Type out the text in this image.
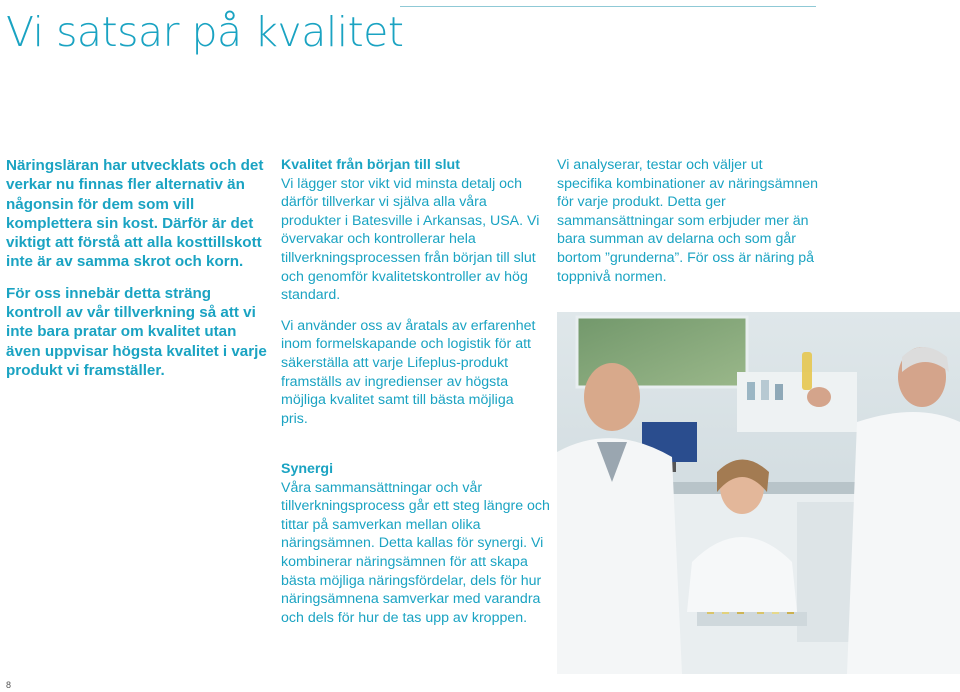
Vi satsar på kvalitet

Näringsläran har utvecklats och det verkar nu finnas fler alternativ än någonsin för dem som vill komplettera sin kost. Därför är det viktigt att förstå att alla kosttillskott inte är av samma skrot och korn.

För oss innebär detta sträng kontroll av vår tillverkning så att vi inte bara pratar om kvalitet utan även uppvisar högsta kvalitet i varje produkt vi framställer.

Kvalitet från början till slut
Vi lägger stor vikt vid minsta detalj och därför tillverkar vi själva alla våra produkter i Batesville i Arkansas, USA. Vi övervakar och kontrollerar hela tillverkningsprocessen från början till slut och genomför kvalitetskontroller av hög standard.

Vi använder oss av åratals av erfarenhet inom formelskapande och logistik för att säkerställa att varje Lifeplus-produkt framställs av ingredienser av högsta möjliga kvalitet samt till bästa möjliga pris.

Vi analyserar, testar och väljer ut specifika kombinationer av näringsämnen för varje produkt. Detta ger sammansättningar som erbjuder mer än bara summan av delarna och som går bortom ”grunderna”. För oss är näring på toppnivå normen.

Synergi
Våra sammansättningar och vår tillverkningsprocess går ett steg längre och tittar på samverkan mellan olika näringsämnen. Detta kallas för synergi. Vi kombinerar näringsämnen för att skapa bästa möjliga näringsfördelar, dels för hur näringsämnena samverkar med varandra och dels för hur de tas upp av kroppen.

8
